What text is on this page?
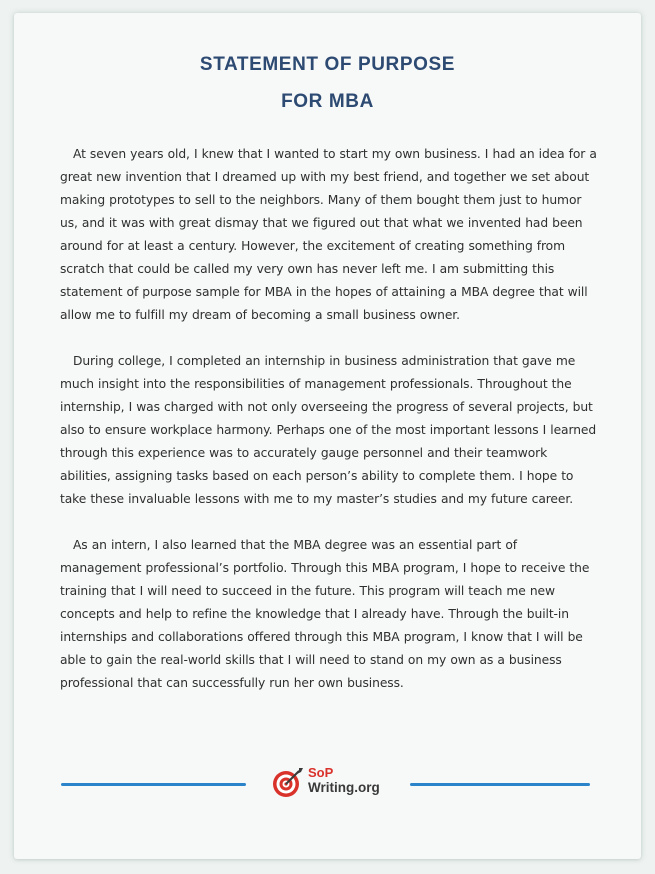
STATEMENT OF PURPOSE
FOR MBA

At seven years old, I knew that I wanted to start my own business. I had an idea for a great new invention that I dreamed up with my best friend, and together we set about making prototypes to sell to the neighbors. Many of them bought them just to humor us, and it was with great dismay that we figured out that what we invented had been around for at least a century. However, the excitement of creating something from scratch that could be called my very own has never left me. I am submitting this statement of purpose sample for MBA in the hopes of attaining a MBA degree that will allow me to fulfill my dream of becoming a small business owner.

During college, I completed an internship in business administration that gave me much insight into the responsibilities of management professionals. Throughout the internship, I was charged with not only overseeing the progress of several projects, but also to ensure workplace harmony. Perhaps one of the most important lessons I learned through this experience was to accurately gauge personnel and their teamwork abilities, assigning tasks based on each person’s ability to complete them. I hope to take these invaluable lessons with me to my master’s studies and my future career.

As an intern, I also learned that the MBA degree was an essential part of management professional’s portfolio. Through this MBA program, I hope to receive the training that I will need to succeed in the future. This program will teach me new concepts and help to refine the knowledge that I already have. Through the built-in internships and collaborations offered through this MBA program, I know that I will be able to gain the real-world skills that I will need to stand on my own as a business professional that can successfully run her own business.

SoP
Writing.org
